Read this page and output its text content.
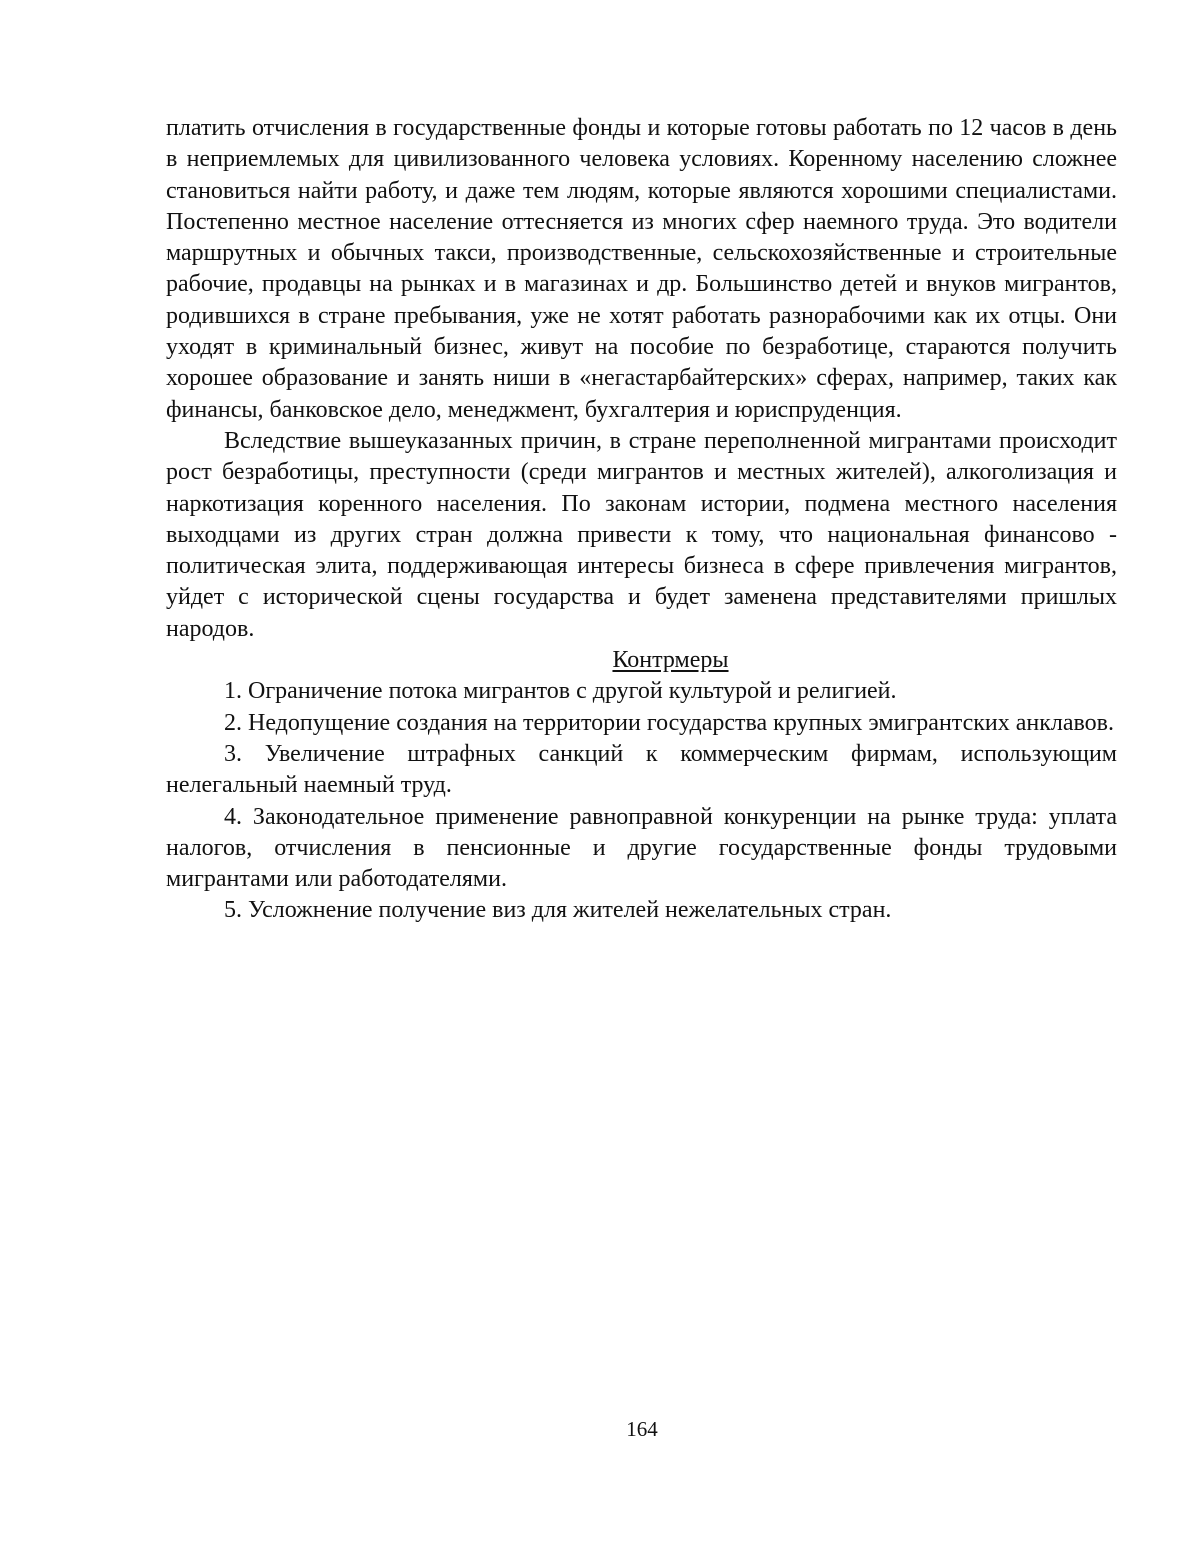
платить отчисления в государственные фонды и которые готовы работать по 12 часов в день в неприемлемых для цивилизованного человека условиях. Коренному населению сложнее становиться найти работу, и даже тем людям, которые являются хорошими специалистами. Постепенно местное население оттесняется из многих сфер наемного труда. Это водители маршрутных и обычных такси, производственные, сельскохозяйственные и строительные рабочие, продавцы на рынках и в магазинах и др. Большинство детей и внуков мигрантов, родившихся в стране пребывания, уже не хотят работать разнорабочими как их отцы. Они уходят в криминальный бизнес, живут на пособие по безработице, стараются получить хорошее образование и занять ниши в «негастарбайтерских» сферах, например, таких как финансы, банковское дело, менеджмент, бухгалтерия и юриспруденция.

Вследствие вышеуказанных причин, в стране переполненной мигрантами происходит рост безработицы, преступности (среди мигрантов и местных жителей), алкоголизация и наркотизация коренного населения. По законам истории, подмена местного населения выходцами из других стран должна привести к тому, что национальная финансово - политическая элита, поддерживающая интересы бизнеса в сфере привлечения мигрантов, уйдет с исторической сцены государства и будет заменена представителями пришлых народов.

Контрмеры

1. Ограничение потока мигрантов с другой культурой и религией.

2. Недопущение создания на территории государства крупных эмигрантских анклавов.

3. Увеличение штрафных санкций к коммерческим фирмам, использующим нелегальный наемный труд.

4. Законодательное применение равноправной конкуренции на рынке труда: уплата налогов, отчисления в пенсионные и другие государственные фонды трудовыми мигрантами или работодателями.

5. Усложнение получение виз для жителей нежелательных стран.

164
